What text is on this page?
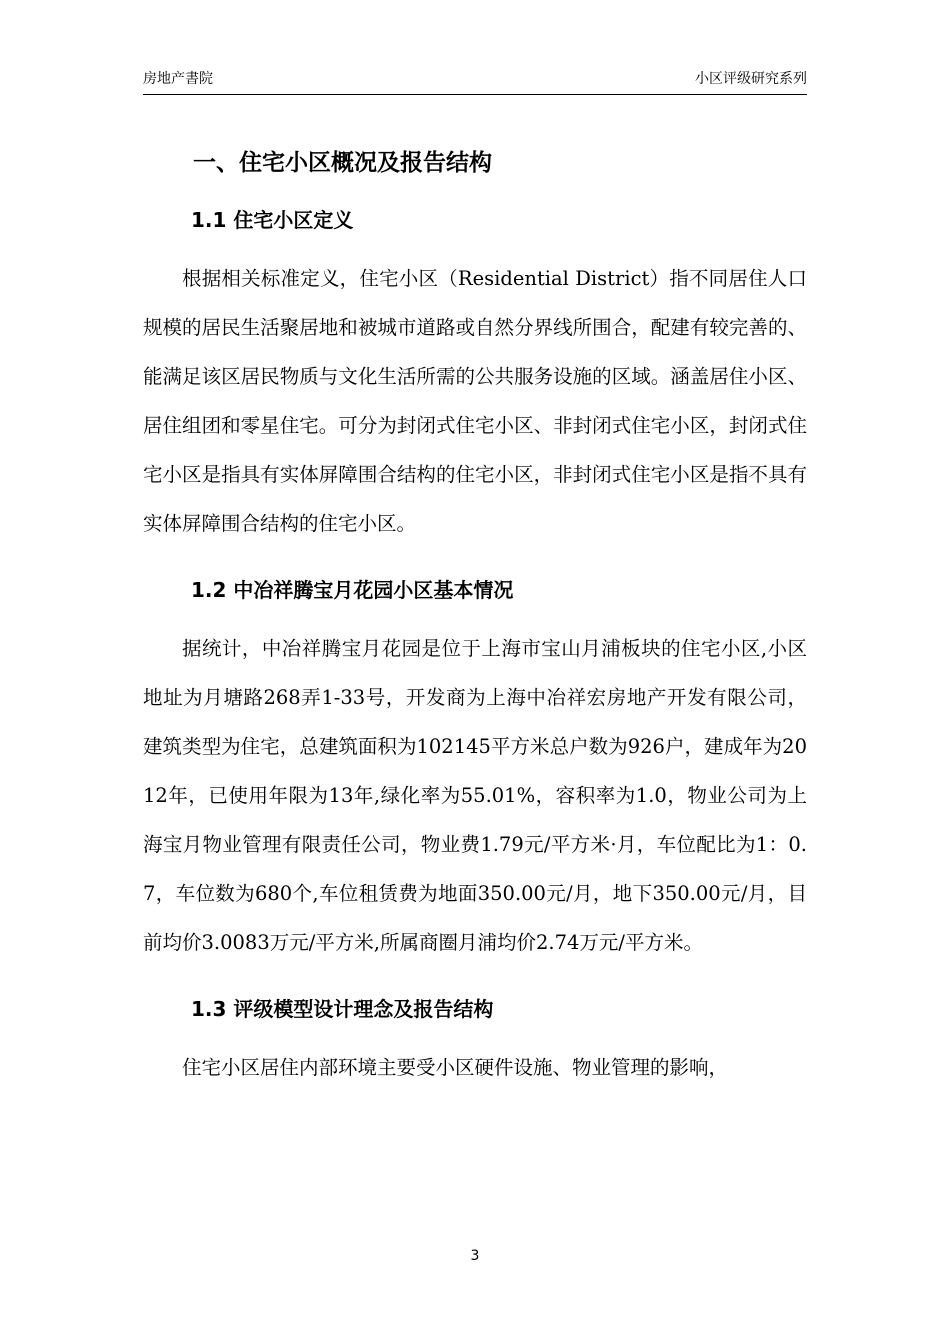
房地产書院	小区评级研究系列
一、住宅小区概况及报告结构
1.1 住宅小区定义

根据相关标准定义，住宅小区（Residential District）指不同居住人口规模的居民生活聚居地和被城市道路或自然分界线所围合，配建有较完善的、能满足该区居民物质与文化生活所需的公共服务设施的区域。涵盖居住小区、居住组团和零星住宅。可分为封闭式住宅小区、非封闭式住宅小区，封闭式住宅小区是指具有实体屏障围合结构的住宅小区，非封闭式住宅小区是指不具有实体屏障围合结构的住宅小区。

1.2 中冶祥腾宝月花园小区基本情况

据统计，中冶祥腾宝月花园是位于上海市宝山月浦板块的住宅小区,小区地址为月塘路268弄1-33号，开发商为上海中冶祥宏房地产开发有限公司，建筑类型为住宅，总建筑面积为102145平方米总户数为926户，建成年为2012年，已使用年限为13年,绿化率为55.01%，容积率为1.0，物业公司为上海宝月物业管理有限责任公司，物业费1.79元/平方米·月，车位配比为1：0.7，车位数为680个,车位租赁费为地面350.00元/月，地下350.00元/月，目前均价3.0083万元/平方米,所属商圈月浦均价2.74万元/平方米。

1.3 评级模型设计理念及报告结构

住宅小区居住内部环境主要受小区硬件设施、物业管理的影响，

3
